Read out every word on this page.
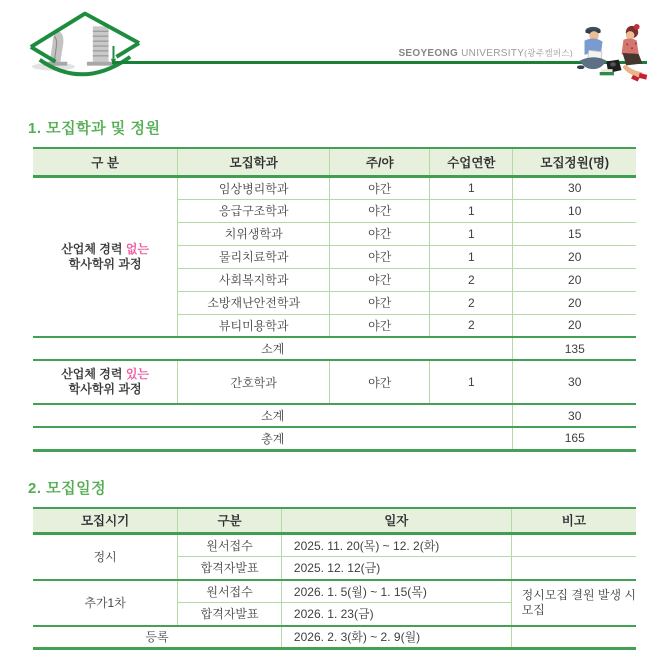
SEOYEONG UNIVERSITY(광주캠퍼스)
1. 모집학과 및 정원
구 분	모집학과	주/야	수업연한	모집정원(명)

산업체 경력 없는
학사학위 과정	임상병리학과	야간	1	30
	응급구조학과	야간	1	10
	치위생학과	야간	1	15
	물리치료학과	야간	1	20
	사회복지학과	야간	2	20
	소방재난안전학과	야간	2	20
	뷰티미용학과	야간	2	20
소계				135

산업체 경력 있는
학사학위 과정	간호학과	야간	1	30
소계				30
총계				165
2. 모집일정
모집시기	구분	일자	비고
정시	원서접수	2025. 11. 20(목) ~ 12. 2(화)	
	합격자발표	2025. 12. 12(금)	
추가1차	원서접수	2026. 1. 5(월) ~ 1. 15(목)	정시모집 결원 발생 시 모집
	합격자발표	2026. 1. 23(금)	
등록		2026. 2. 3(화) ~ 2. 9(월)	
